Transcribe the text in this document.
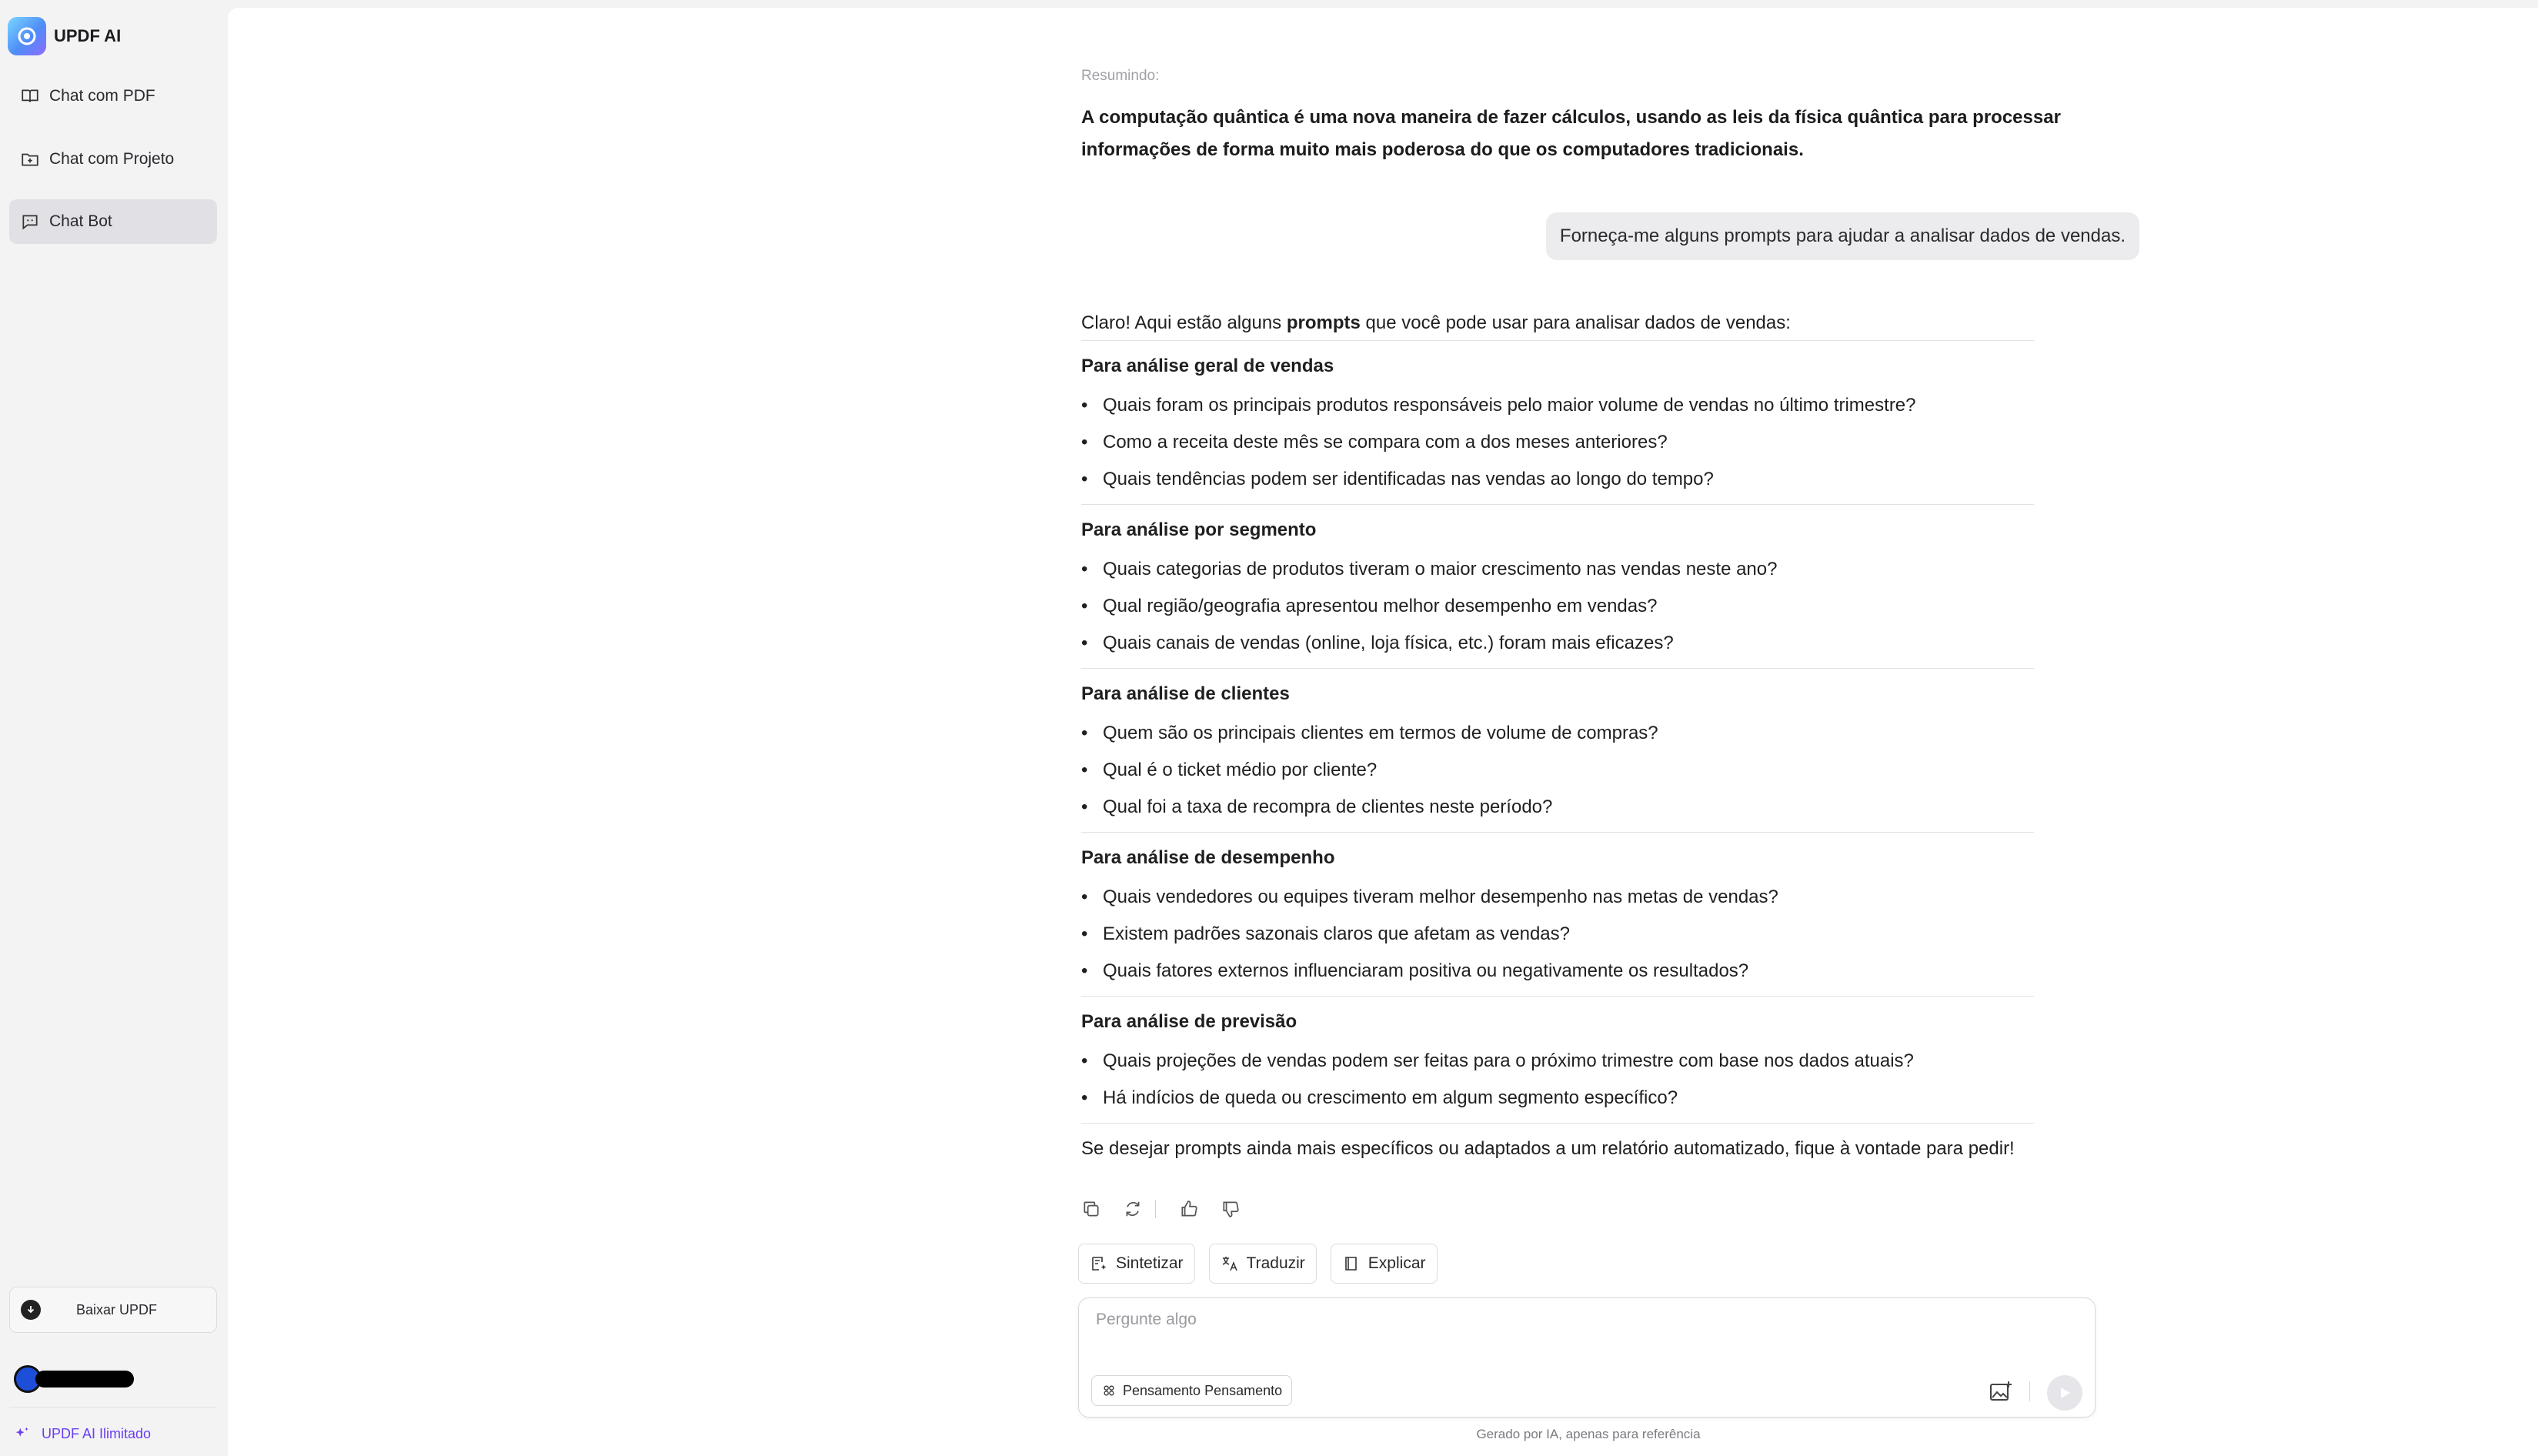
UPDF AI
Chat com PDF
Chat com Projeto
Chat Bot
Baixar UPDF
UPDF AI Ilimitado
Resumindo:
A computação quântica é uma nova maneira de fazer cálculos, usando as leis da física quântica para processar informações de forma muito mais poderosa do que os computadores tradicionais.
Forneça-me alguns prompts para ajudar a analisar dados de vendas.
Claro! Aqui estão alguns prompts que você pode usar para analisar dados de vendas:
Para análise geral de vendas
• Quais foram os principais produtos responsáveis pelo maior volume de vendas no último trimestre?
• Como a receita deste mês se compara com a dos meses anteriores?
• Quais tendências podem ser identificadas nas vendas ao longo do tempo?
Para análise por segmento
• Quais categorias de produtos tiveram o maior crescimento nas vendas neste ano?
• Qual região/geografia apresentou melhor desempenho em vendas?
• Quais canais de vendas (online, loja física, etc.) foram mais eficazes?
Para análise de clientes
• Quem são os principais clientes em termos de volume de compras?
• Qual é o ticket médio por cliente?
• Qual foi a taxa de recompra de clientes neste período?
Para análise de desempenho
• Quais vendedores ou equipes tiveram melhor desempenho nas metas de vendas?
• Existem padrões sazonais claros que afetam as vendas?
• Quais fatores externos influenciaram positiva ou negativamente os resultados?
Para análise de previsão
• Quais projeções de vendas podem ser feitas para o próximo trimestre com base nos dados atuais?
• Há indícios de queda ou crescimento em algum segmento específico?
Se desejar prompts ainda mais específicos ou adaptados a um relatório automatizado, fique à vontade para pedir!
Sintetizar	Traduzir	Explicar
Pergunte algo
Pensamento Pensamento
Gerado por IA, apenas para referência
